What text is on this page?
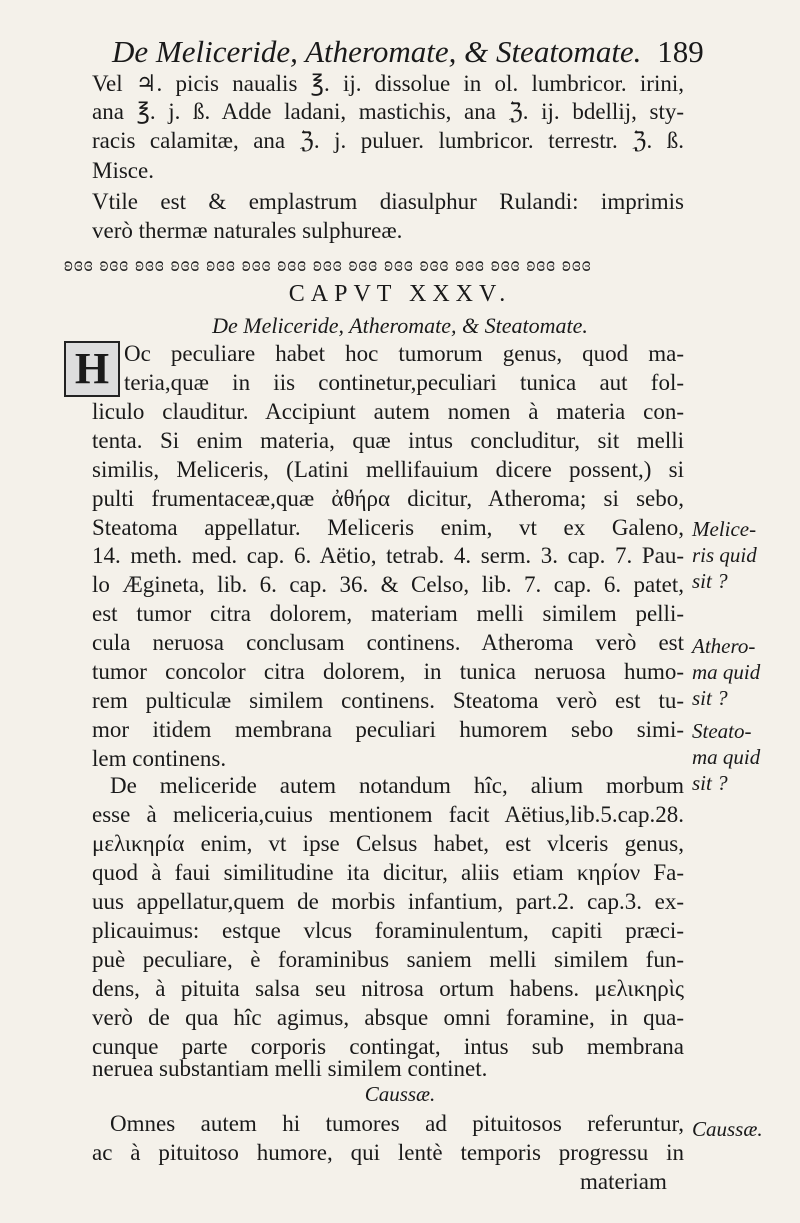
De Meliceride, Atheromate, & Steatomate. 189
Vel ♃. picis naualis ℥. ij. dissolue in ol. lumbricor. irini,
ana ℥. j. ß. Adde ladani, mastichis, ana ℨ. ij. bdellij, sty-
racis calamitæ, ana ℨ. j. puluer. lumbricor. terrestr. ℨ. ß.
Misce.
Vtile est & emplastrum diasulphur Rulandi: imprimis
verò thermæ naturales sulphureæ.
ʚɞɞ ʚɞɞ ʚɞɞ ʚɞɞ ʚɞɞ ʚɞɞ ʚɞɞ ʚɞɞ ʚɞɞ ʚɞɞ ʚɞɞ ʚɞɞ ʚɞɞ ʚɞɞ ʚɞɞ
CAPVT XXXV.
De Meliceride, Atheromate, & Steatomate.
H Oc peculiare habet hoc tumorum genus, quod ma-
teria,quæ in iis continetur,peculiari tunica aut fol-
liculo clauditur. Accipiunt autem nomen à materia con-
tenta. Si enim materia, quæ intus concluditur, sit melli
similis, Meliceris, (Latini mellifauium dicere possent,) si
pulti frumentaceæ,quæ ἀθήρα dicitur, Atheroma; si sebo,
Steatoma appellatur. Meliceris enim, vt ex Galeno,
14. meth. med. cap. 6. Aëtio, tetrab. 4. serm. 3. cap. 7. Pau-
lo Ægineta, lib. 6. cap. 36. & Celso, lib. 7. cap. 6. patet,
est tumor citra dolorem, materiam melli similem pelli-
cula neruosa conclusam continens. Atheroma verò est
tumor concolor citra dolorem, in tunica neruosa humo-
rem pulticulæ similem continens. Steatoma verò est tu-
mor itidem membrana peculiari humorem sebo simi-
lem continens.
De meliceride autem notandum hîc, alium morbum
esse à meliceria,cuius mentionem facit Aëtius,lib.5.cap.28.
μελικηρία enim, vt ipse Celsus habet, est vlceris genus,
quod à faui similitudine ita dicitur, aliis etiam κηρίον Fa-
uus appellatur,quem de morbis infantium, part.2. cap.3. ex-
plicauimus: estque vlcus foraminulentum, capiti præci-
puè peculiare, è foraminibus saniem melli similem fun-
dens, à pituita salsa seu nitrosa ortum habens. μελικηρὶς
verò de qua hîc agimus, absque omni foramine, in qua-
cunque parte corporis contingat, intus sub membrana
neruea substantiam melli similem continet.
Caussæ.
Omnes autem hi tumores ad pituitosos referuntur,
ac à pituitoso humore, qui lentè temporis progressu in
materiam
Melice-
ris quid
sit ?
Athero-
ma quid
sit ?
Steato-
ma quid
sit ?
Caussæ.
